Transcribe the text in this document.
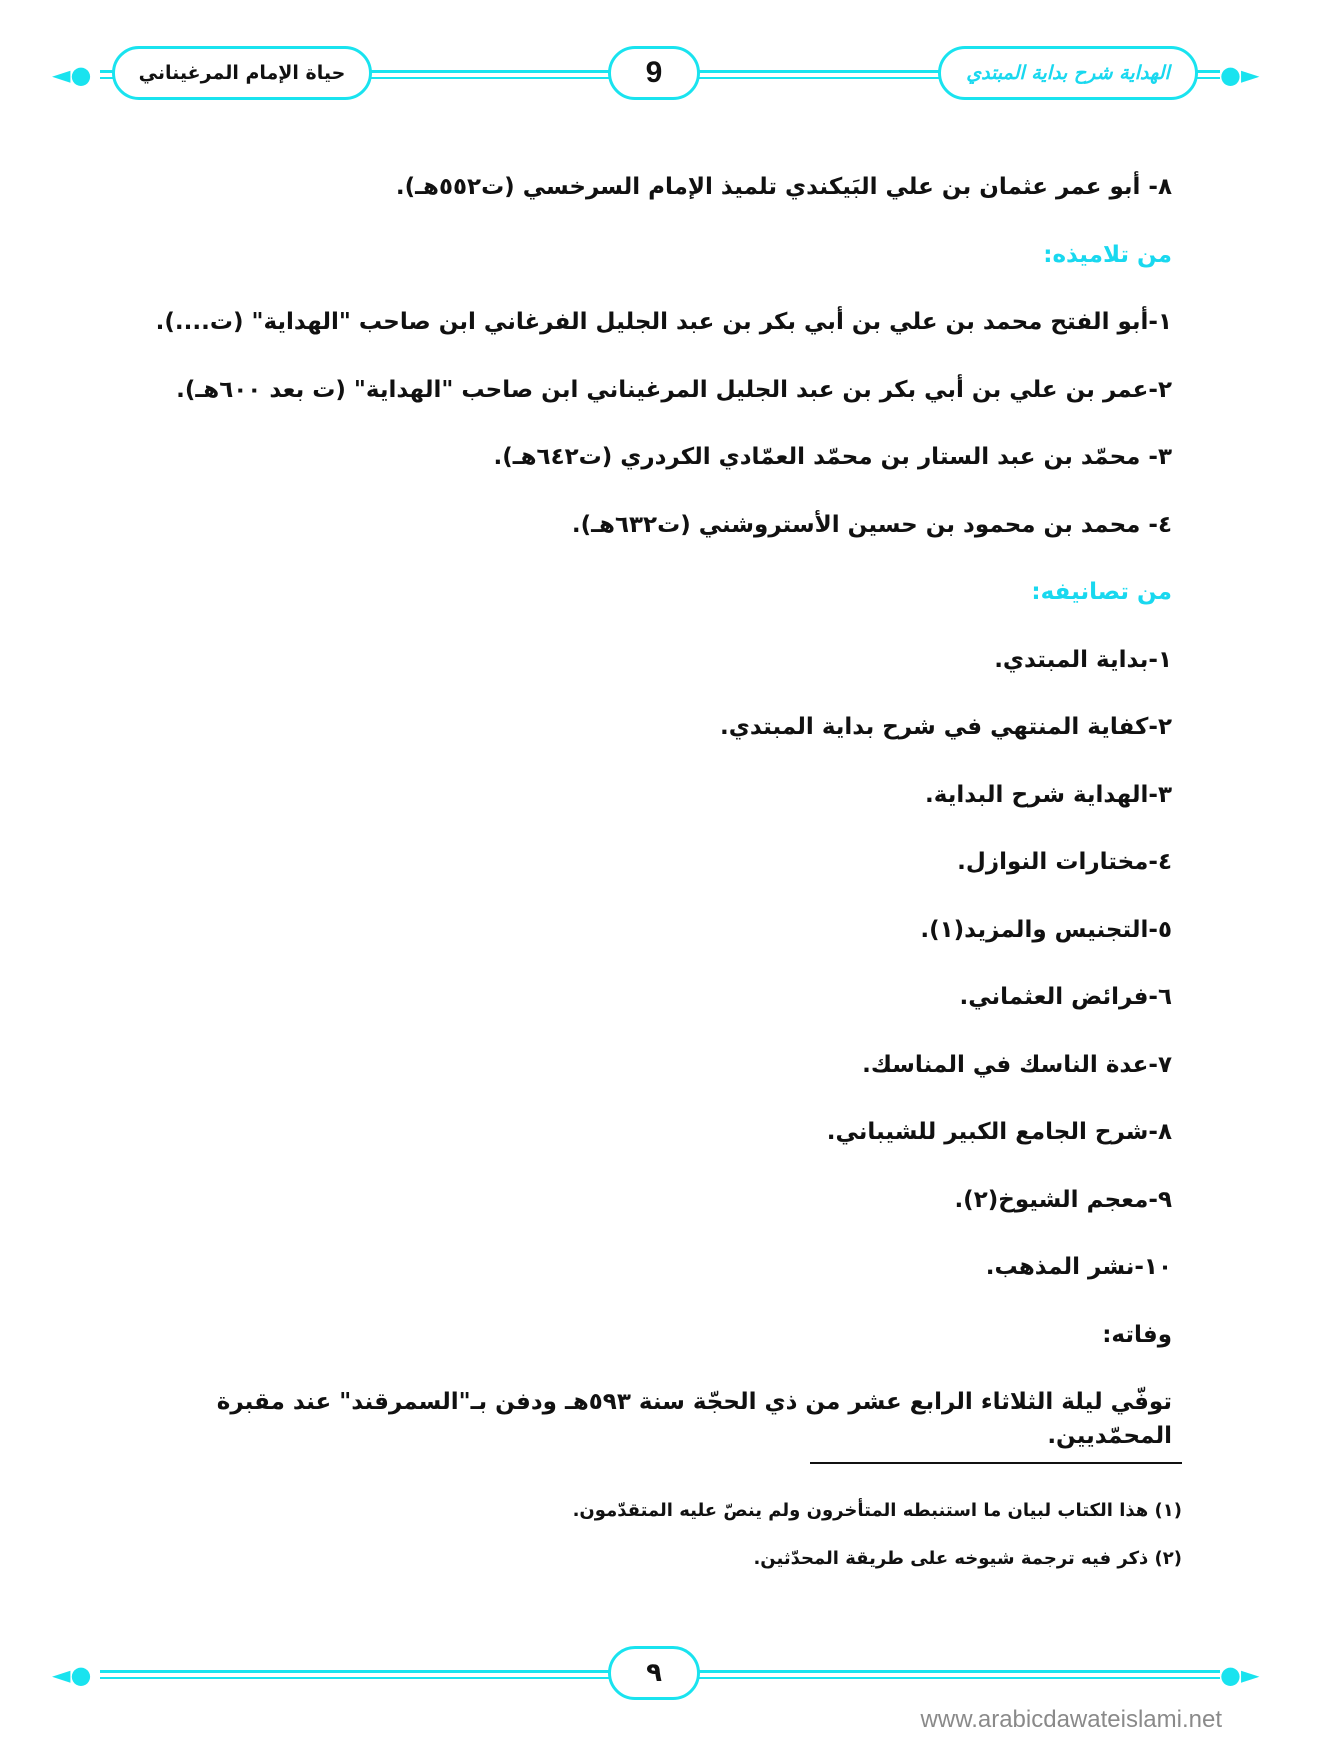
◄●	حياة الإمام المرغيناني	9	الهداية شرح بداية المبتدي	●►
٨- أبو عمر عثمان بن علي البَيكندي تلميذ الإمام السرخسي (ت٥٥٢هـ).
من تلاميذه:
١-أبو الفتح محمد بن علي بن أبي بكر بن عبد الجليل الفرغاني ابن صاحب "الهداية" (ت....).
٢-عمر بن علي بن أبي بكر بن عبد الجليل المرغيناني ابن صاحب "الهداية" (ت بعد ٦٠٠هـ).
٣- محمّد بن عبد الستار بن محمّد العمّادي الكردري (ت٦٤٢هـ).
٤- محمد بن محمود بن حسين الأستروشني (ت٦٣٢هـ).
من تصانيفه:
١-بداية المبتدي.
٢-كفاية المنتهي في شرح بداية المبتدي.
٣-الهداية شرح البداية.
٤-مختارات النوازل.
٥-التجنيس والمزيد(١).
٦-فرائض العثماني.
٧-عدة الناسك في المناسك.
٨-شرح الجامع الكبير للشيباني.
٩-معجم الشيوخ(٢).
١٠-نشر المذهب.
وفاته:
توفّي ليلة الثلاثاء الرابع عشر من ذي الحجّة سنة ٥٩٣هـ ودفن بـ"السمرقند" عند مقبرة المحمّديين.
(١) هذا الكتاب لبيان ما استنبطه المتأخرون ولم ينصّ عليه المتقدّمون.
(٢) ذكر فيه ترجمة شيوخه على طريقة المحدّثين.
◄●	٩	●►
www.arabicdawateislami.net
